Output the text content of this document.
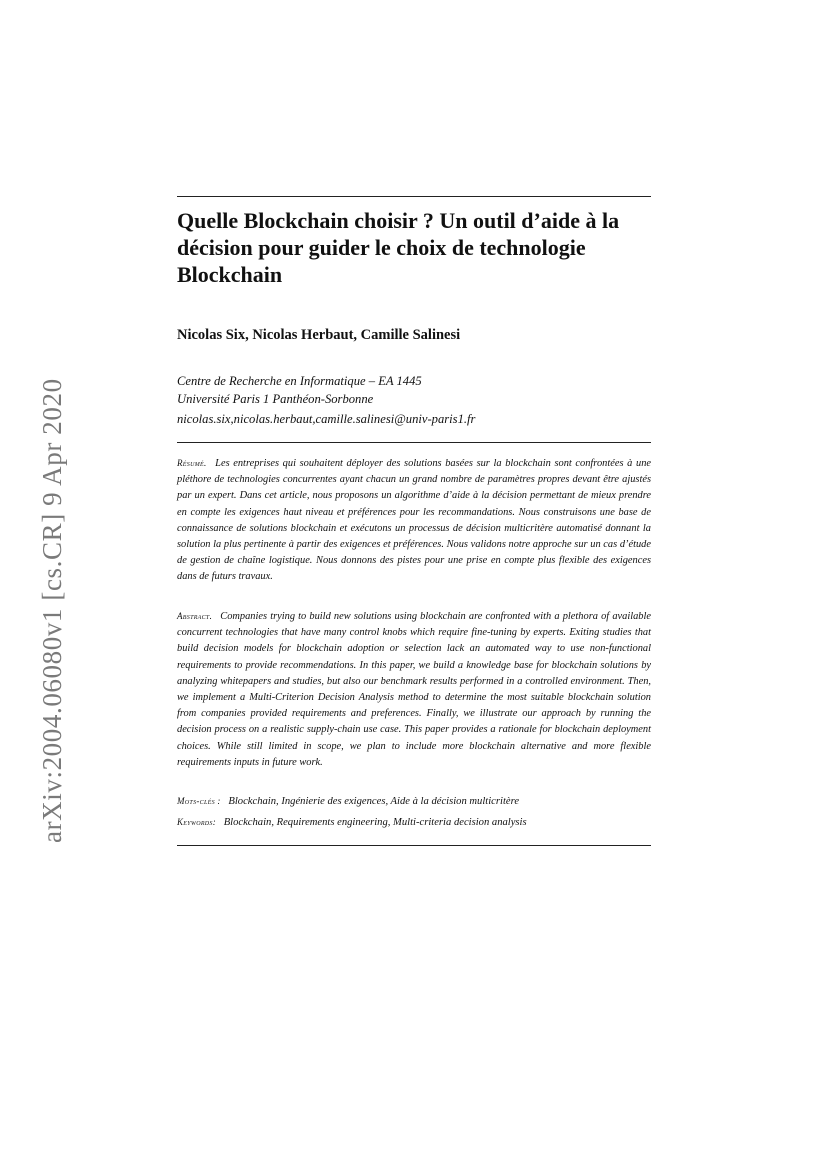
arXiv:2004.06080v1 [cs.CR] 9 Apr 2020
Quelle Blockchain choisir ? Un outil d’aide à la décision pour guider le choix de technologie Blockchain
Nicolas Six, Nicolas Herbaut, Camille Salinesi
Centre de Recherche en Informatique – EA 1445
Université Paris 1 Panthéon-Sorbonne
nicolas.six,nicolas.herbaut,camille.salinesi@univ-paris1.fr

Résumé. Les entreprises qui souhaitent déployer des solutions basées sur la blockchain sont confrontées à une pléthore de technologies concurrentes ayant chacun un grand nombre de paramètres propres devant être ajustés par un expert. Dans cet article, nous proposons un algorithme d’aide à la décision permettant de mieux prendre en compte les exigences haut niveau et préférences pour les recommandations. Nous construisons une base de connaissance de solutions blockchain et exécutons un processus de décision multicritère automatisé donnant la solution la plus pertinente à partir des exigences et préférences. Nous validons notre approche sur un cas d’étude de gestion de chaîne logistique. Nous donnons des pistes pour une prise en compte plus flexible des exigences dans de futurs travaux.

Abstract. Companies trying to build new solutions using blockchain are confronted with a plethora of available concurrent technologies that have many control knobs which require fine-tuning by experts. Exiting studies that build decision models for blockchain adoption or selection lack an automated way to use non-functional requirements to provide recommendations. In this paper, we build a knowledge base for blockchain solutions by analyzing whitepapers and studies, but also our benchmark results performed in a controlled environment. Then, we implement a Multi-Criterion Decision Analysis method to determine the most suitable blockchain solution from companies provided requirements and preferences. Finally, we illustrate our approach by running the decision process on a realistic supply-chain use case. This paper provides a rationale for blockchain deployment choices. While still limited in scope, we plan to include more blockchain alternative and more flexible requirements inputs in future work.

Mots-clés : Blockchain, Ingénierie des exigences, Aide à la décision multicritère
Keywords: Blockchain, Requirements engineering, Multi-criteria decision analysis
